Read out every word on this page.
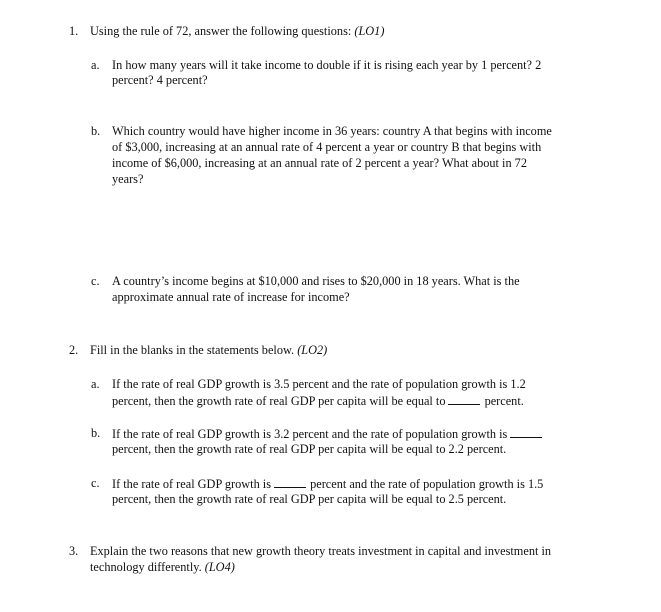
1. Using the rule of 72, answer the following questions: (LO1)
a. In how many years will it take income to double if it is rising each year by 1 percent? 2
percent? 4 percent?
b. Which country would have higher income in 36 years: country A that begins with income
of $3,000, increasing at an annual rate of 4 percent a year or country B that begins with
income of $6,000, increasing at an annual rate of 2 percent a year? What about in 72
years?
c. A country’s income begins at $10,000 and rises to $20,000 in 18 years. What is the
approximate annual rate of increase for income?
2. Fill in the blanks in the statements below. (LO2)
a. If the rate of real GDP growth is 3.5 percent and the rate of population growth is 1.2
percent, then the growth rate of real GDP per capita will be equal to	percent.
b. If the rate of real GDP growth is 3.2 percent and the rate of population growth is
percent, then the growth rate of real GDP per capita will be equal to 2.2 percent.
c. If the rate of real GDP growth is	percent and the rate of population growth is 1.5
percent, then the growth rate of real GDP per capita will be equal to 2.5 percent.
3. Explain the two reasons that new growth theory treats investment in capital and investment in
technology differently. (LO4)
